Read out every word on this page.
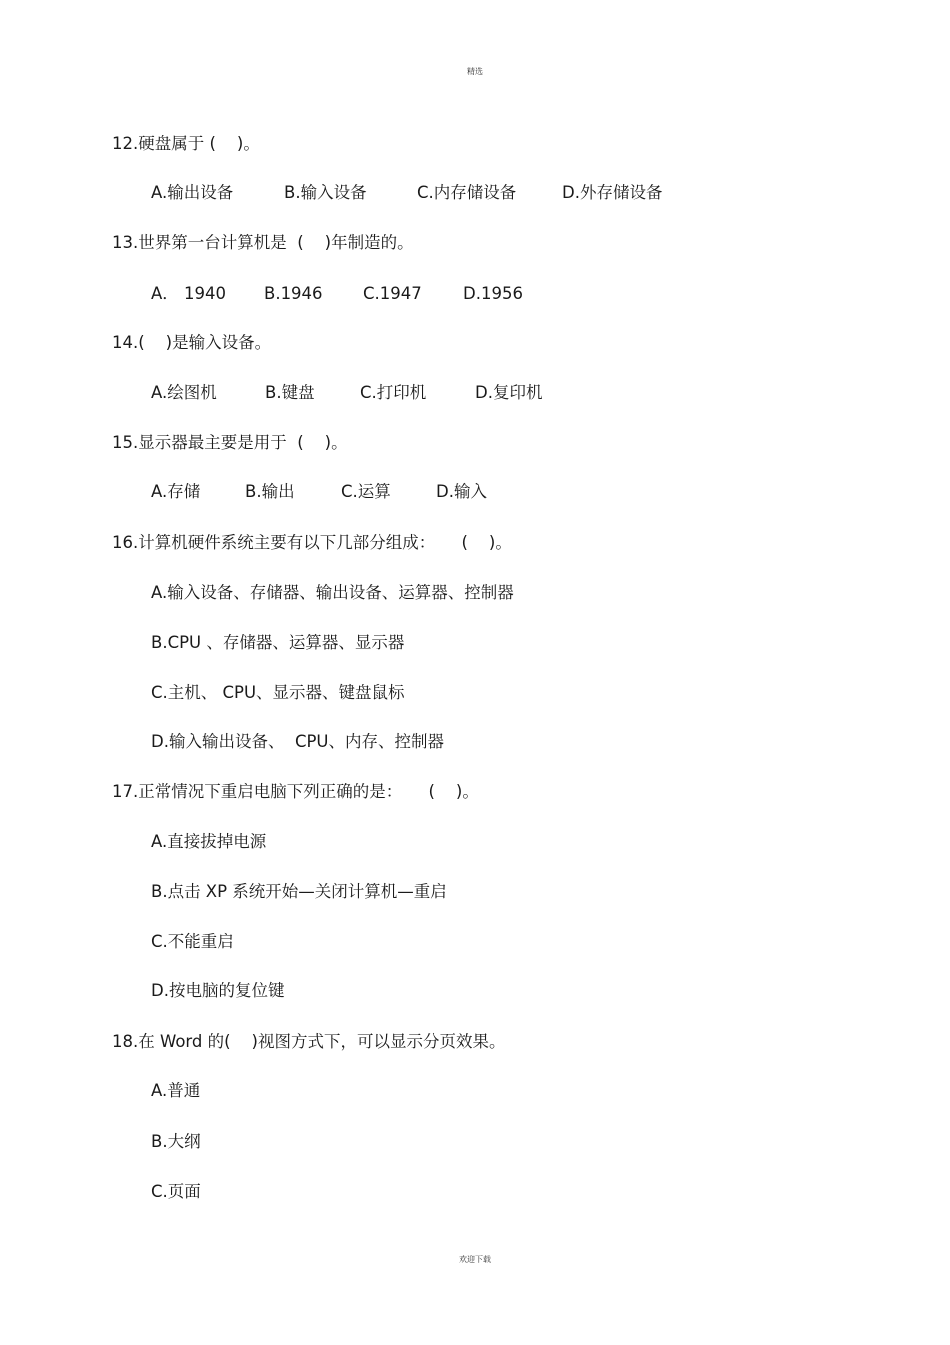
精选
12.硬盘属于 (    )。

A.输出设备

	B.输入设备

	C.内存储设备

	D.外存储设备

13.世界第一台计算机是  (    )年制造的。

A． 1940

B.1946

C.1947

D.1956

14.(    )是输入设备。

A.绘图机

	B.键盘

	C.打印机

	D.复印机

15.显示器最主要是用于  (    )。

A.存储

	B.输出

	C.运算

	D.输入

16.计算机硬件系统主要有以下几部分组成：     (    )。
A.输入设备、存储器、输出设备、运算器、控制器
B.CPU 、存储器、运算器、显示器
C.主机、 CPU、显示器、键盘鼠标
D.输入输出设备、  CPU、内存、控制器
17.正常情况下重启电脑下列正确的是：     (    )。
A.直接拔掉电源
B.点击 XP 系统开始—关闭计算机—重启
C.不能重启
D.按电脑的复位键
18.在 Word 的(    )视图方式下，可以显示分页效果。
A.普通
B.大纲
C.页面
欢迎下载
